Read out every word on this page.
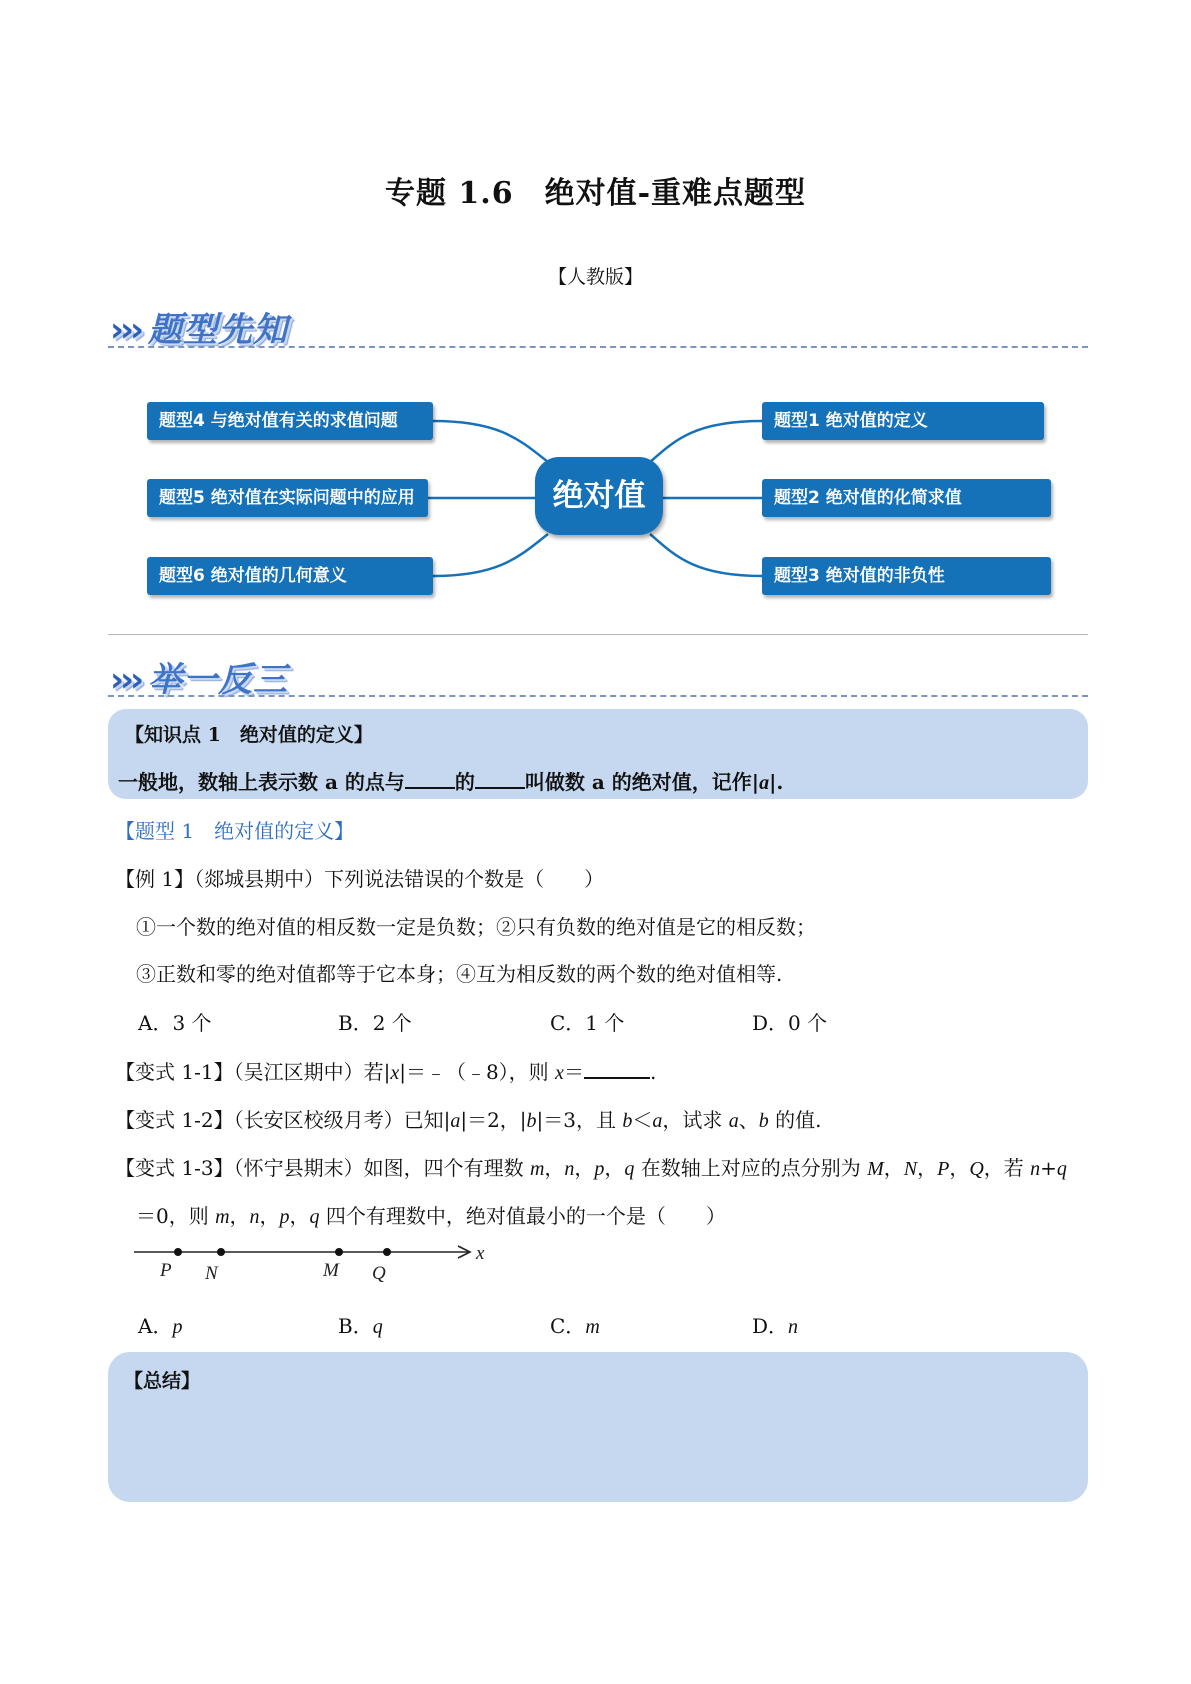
专题 1.6　绝对值-重难点题型
【人教版】
››› 题型先知
题型4 与绝对值有关的求值问题
题型5 绝对值在实际问题中的应用
题型6 绝对值的几何意义
题型1 绝对值的定义
题型2 绝对值的化简求值
题型3 绝对值的非负性
绝对值
››› 举一反三
【知识点 1　绝对值的定义】
一般地，数轴上表示数 a 的点与	的	叫做数 a 的绝对值，记作|a|.
【题型 1　绝对值的定义】
【例 1】（郯城县期中）下列说法错误的个数是（　　）
①一个数的绝对值的相反数一定是负数；②只有负数的绝对值是它的相反数；
③正数和零的绝对值都等于它本身；④互为相反数的两个数的绝对值相等.
A．3 个	B．2 个	C．1 个	D．0 个
【变式 1-1】（吴江区期中）若|x|＝﹣（﹣8），则 x＝	.
【变式 1-2】（长安区校级月考）已知|a|＝2，|b|＝3，且 b＜a，试求 a、b 的值.
【变式 1-3】（怀宁县期末）如图，四个有理数 m，n，p，q 在数轴上对应的点分别为 M，N，P，Q，若 n+q
＝0，则 m，n，p，q 四个有理数中，绝对值最小的一个是（　　）
x
P N	M Q
A．p	B．q	C．m	D．n
【总结】
